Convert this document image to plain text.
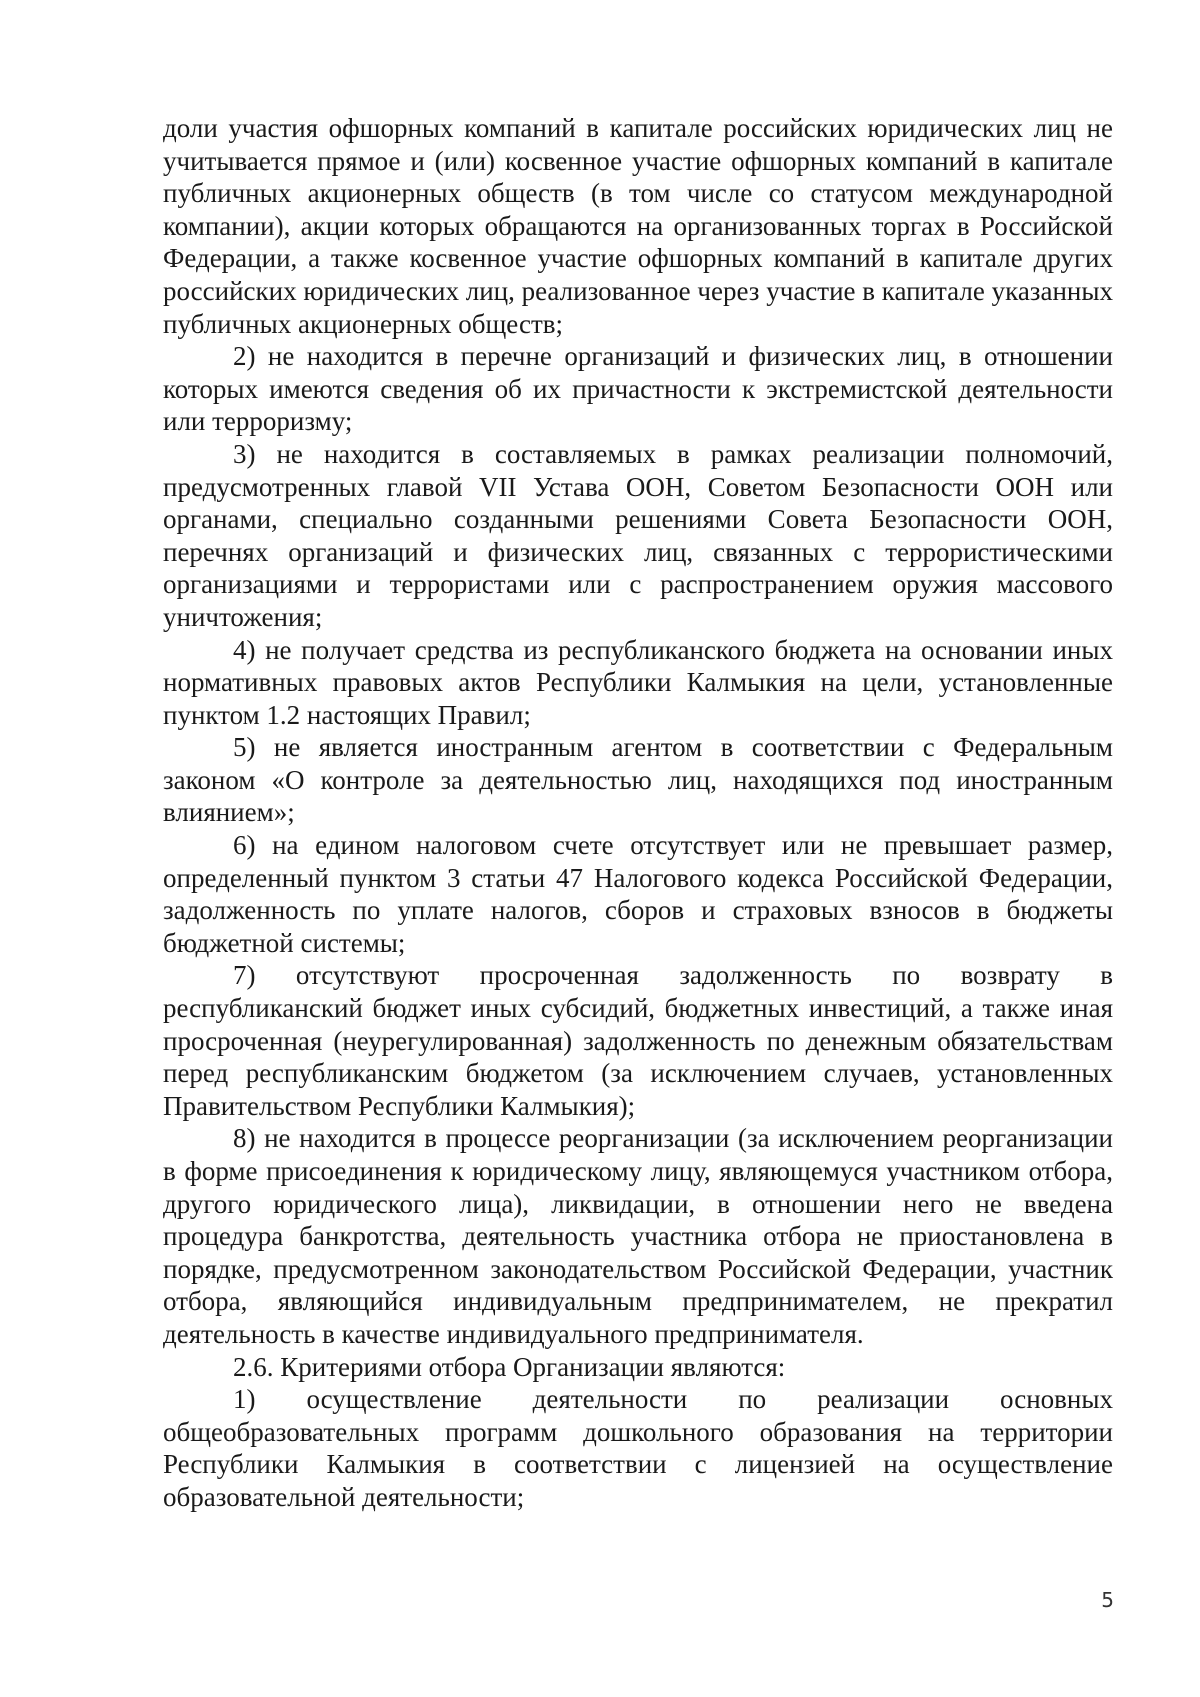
доли участия офшорных компаний в капитале российских юридических лиц не учитывается прямое и (или) косвенное участие офшорных компаний в капитале публичных акционерных обществ (в том числе со статусом международной компании), акции которых обращаются на организованных торгах в Российской Федерации, а также косвенное участие офшорных компаний в капитале других российских юридических лиц, реализованное через участие в капитале указанных публичных акционерных обществ;

2) не находится в перечне организаций и физических лиц, в отношении которых имеются сведения об их причастности к экстремистской деятельности или терроризму;

3) не находится в составляемых в рамках реализации полномочий, предусмотренных главой VII Устава ООН, Советом Безопасности ООН или органами, специально созданными решениями Совета Безопасности ООН, перечнях организаций и физических лиц, связанных с террористическими организациями и террористами или с распространением оружия массового уничтожения;

4) не получает средства из республиканского бюджета на основании иных нормативных правовых актов Республики Калмыкия на цели, установленные пунктом 1.2 настоящих Правил;

5) не является иностранным агентом в соответствии с Федеральным законом «О контроле за деятельностью лиц, находящихся под иностранным влиянием»;

6) на едином налоговом счете отсутствует или не превышает размер, определенный пунктом 3 статьи 47 Налогового кодекса Российской Федерации, задолженность по уплате налогов, сборов и страховых взносов в бюджеты бюджетной системы;

7) отсутствуют просроченная задолженность по возврату в республиканский бюджет иных субсидий, бюджетных инвестиций, а также иная просроченная (неурегулированная) задолженность по денежным обязательствам перед республиканским бюджетом (за исключением случаев, установленных Правительством Республики Калмыкия);

8) не находится в процессе реорганизации (за исключением реорганизации в форме присоединения к юридическому лицу, являющемуся участником отбора, другого юридического лица), ликвидации, в отношении него не введена процедура банкротства, деятельность участника отбора не приостановлена в порядке, предусмотренном законодательством Российской Федерации, участник отбора, являющийся индивидуальным предпринимателем, не прекратил деятельность в качестве индивидуального предпринимателя.

2.6. Критериями отбора Организации являются:

1) осуществление деятельности по реализации основных общеобразовательных программ дошкольного образования на территории Республики Калмыкия в соответствии с лицензией на осуществление образовательной деятельности;

5
